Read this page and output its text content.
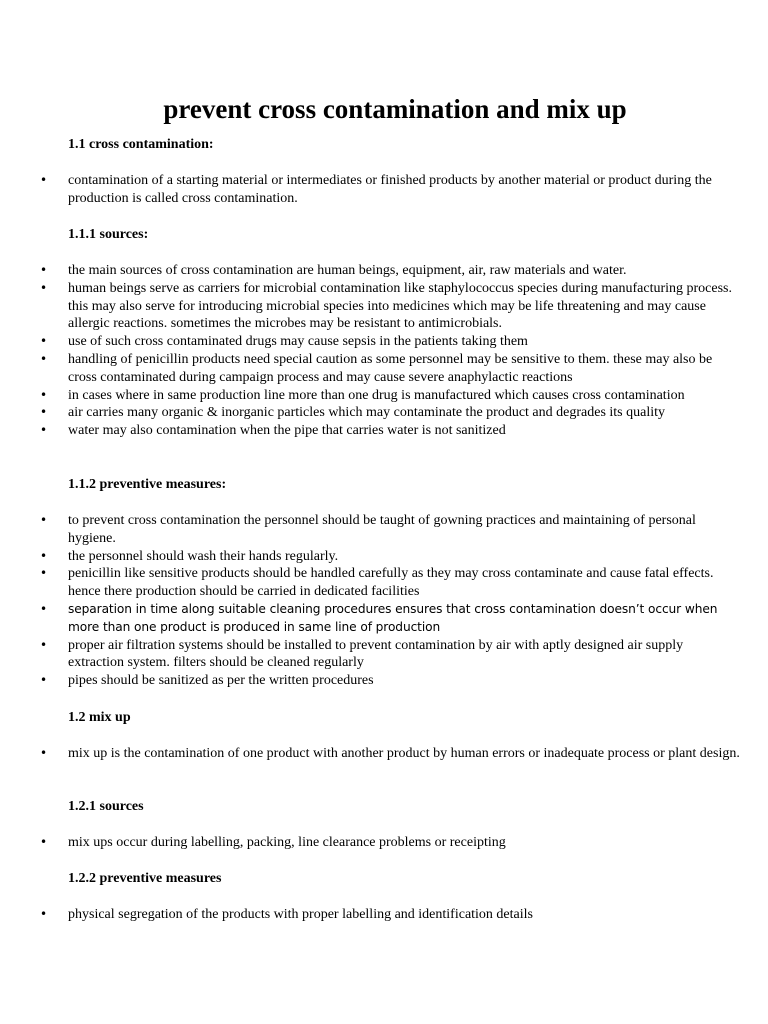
prevent cross contamination and mix up

1.1 cross contamination:

• contamination of a starting material or intermediates or finished products by another material or product during the production is called cross contamination.

1.1.1 sources:

• the main sources of cross contamination are human beings, equipment, air, raw materials and water.
• human beings serve as carriers for microbial contamination like staphylococcus species during manufacturing process. this may also serve for introducing microbial species into medicines which may be life threatening and may cause allergic reactions. sometimes the microbes may be resistant to antimicrobials.
• use of such cross contaminated drugs may cause sepsis in the patients taking them
• handling of penicillin products need special caution as some personnel may be sensitive to them. these may also be cross contaminated during campaign process and may cause severe anaphylactic reactions
• in cases where in same production line more than one drug is manufactured which causes cross contamination
• air carries many organic & inorganic particles which may contaminate the product and degrades its quality
• water may also contamination when the pipe that carries water is not sanitized

1.1.2 preventive measures:

• to prevent cross contamination the personnel should be taught of gowning practices and maintaining of personal hygiene.
• the personnel should wash their hands regularly.
• penicillin like sensitive products should be handled carefully as they may cross contaminate and cause fatal effects. hence there production should be carried in dedicated facilities
• separation in time along suitable cleaning procedures ensures that cross contamination doesn’t occur when more than one product is produced in same line of production
• proper air filtration systems should be installed to prevent contamination by air with aptly designed air supply extraction system. filters should be cleaned regularly
• pipes should be sanitized as per the written procedures

1.2 mix up

• mix up is the contamination of one product with another product by human errors or inadequate process or plant design.

1.2.1 sources

• mix ups occur during labelling, packing, line clearance problems or receipting

1.2.2 preventive measures

• physical segregation of the products with proper labelling and identification details
